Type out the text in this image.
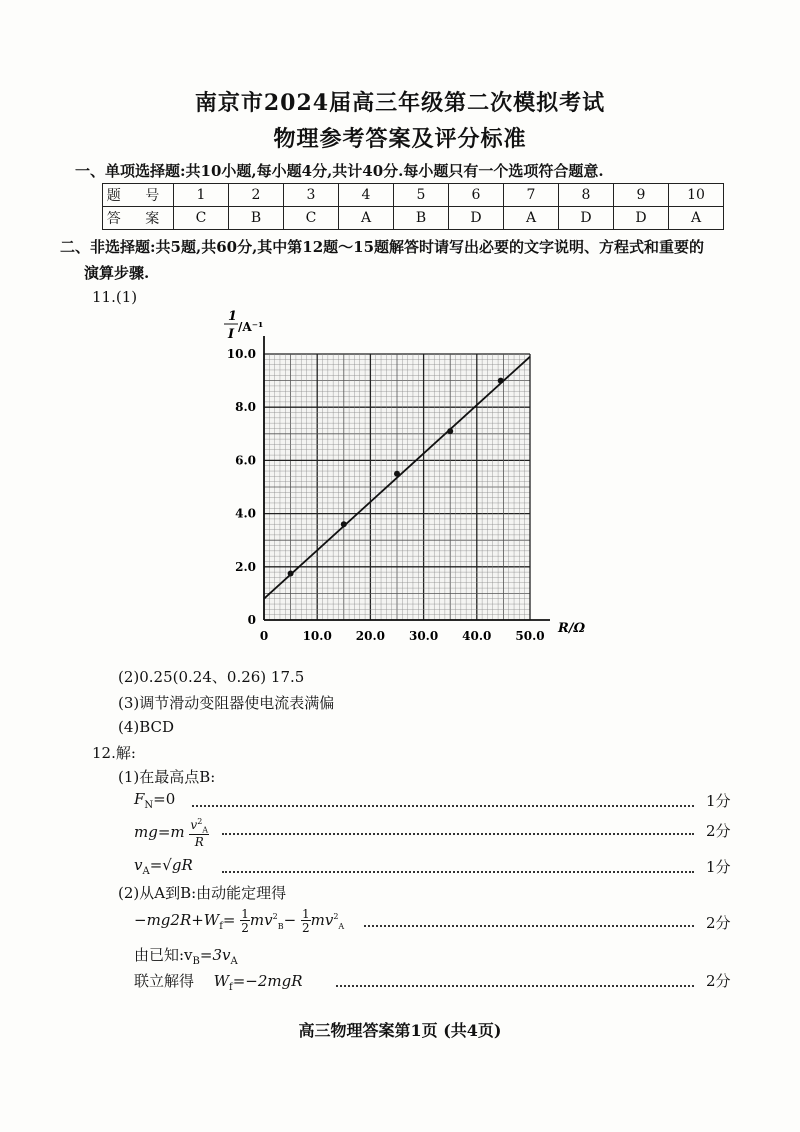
南京市2024届高三年级第二次模拟考试
物理参考答案及评分标准
一、单项选择题:共10小题,每小题4分,共计40分.每小题只有一个选项符合题意.
题 号	1	2	3	4	5	6	7	8	9	10
答 案	C	B	C	A	B	D	A	D	D	A
二、非选择题:共5题,共60分,其中第12题～15题解答时请写出必要的文字说明、方程式和重要的
演算步骤.
11.(1)
0	10.0 20.0 30.0 40.0 50.0
0
2.0
4.0
6.0
8.0
10.0
1
I /A⁻¹
R/Ω
(2)0.25(0.24、0.26) 17.5
(3)调节滑动变阻器使电流表满偏
(4)BCD
12.解:
(1)在最高点B:
$F_N=0$	1分
$mg=m \frac{v^2_A}{R}$	2分
$v_A=√gR$	1分
(2)从A到B:由动能定理得
$-mg2R+W_f= \frac{1}{2} mv^2_B- \frac{1}{2} mv^2_A$	2分
由已知$:v_B=3v_A$
联立解得 $W_f=-2mgR$	2分
高三物理答案第1页 (共4页)
